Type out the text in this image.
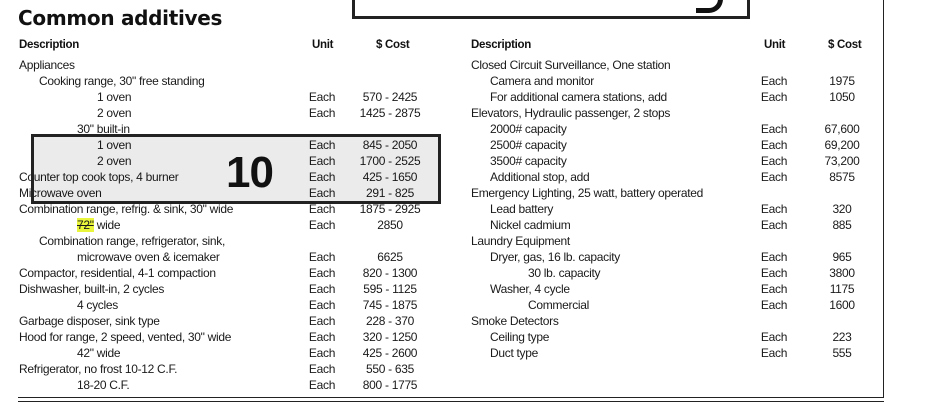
Common additives
Description	Unit	$ Cost	Description	Unit	$ Cost
Appliances
Cooking range, 30" free standing
1 oven	Each 570 - 2425
2 oven	Each 1425 - 2875
30" built-in
1 oven	Each 845 - 2050
2 oven	Each 1700 - 2525
Counter top cook tops, 4 burner	Each 425 - 1650
Microwave oven	Each	291 - 825
Combination range, refrig. & sink, 30" wide	Each 1875 - 2925
72" wide	Each	2850
Combination range, refrigerator, sink,
microwave oven & icemaker	Each	6625
Compactor, residential, 4-1 compaction	Each 820 - 1300
Dishwasher, built-in, 2 cycles	Each 595 - 1125
4 cycles	Each 745 - 1875
Garbage disposer, sink type	Each	228 - 370
Hood for range, 2 speed, vented, 30" wide	Each 320 - 1250
42" wide	Each 425 - 2600
Refrigerator, no frost 10-12 C.F.	Each	550 - 635
18-20 C.F.	Each 800 - 1775
Closed Circuit Surveillance, One station
Camera and monitor	Each	1975
For additional camera stations, add	Each	1050
Elevators, Hydraulic passenger, 2 stops
2000# capacity	Each	67,600
2500# capacity	Each	69,200
3500# capacity	Each	73,200
Additional stop, add	Each	8575
Emergency Lighting, 25 watt, battery operated
Lead battery	Each	320
Nickel cadmium	Each	885
Laundry Equipment
Dryer, gas, 16 lb. capacity	Each	965
30 lb. capacity	Each	3800
Washer, 4 cycle	Each	1175
Commercial	Each	1600
Smoke Detectors
Ceiling type	Each	223
Duct type	Each	555
10
